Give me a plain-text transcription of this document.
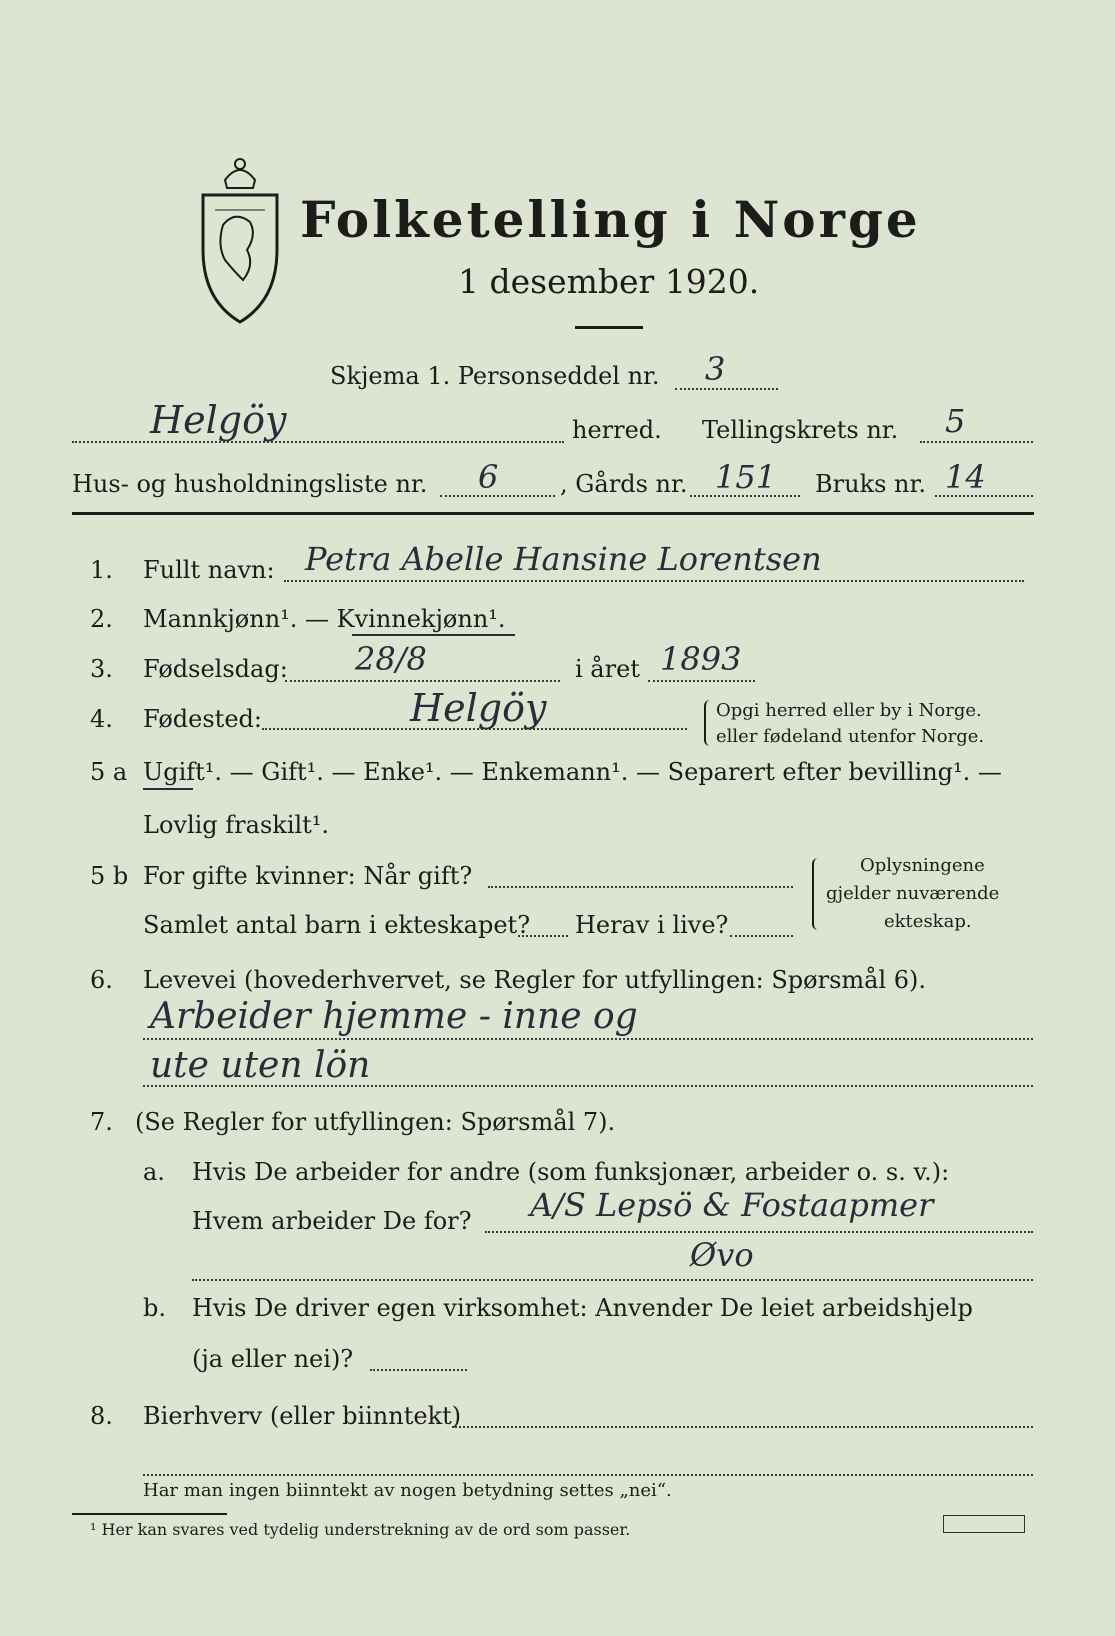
Folketelling i Norge
1 desember 1920.
Skjema 1. Personseddel nr. 3
Helgöy	herred. Tellingskrets nr. 5
Hus- og husholdningsliste nr. 6	, Gårds nr. 151 Bruks nr. 14
1. Fullt navn: Petra Abelle Hansine Lorentsen
2. Mannkjønn¹. — Kvinnekjønn¹.
3. Fødselsdag: 28/8	i året 1893
4. Fødested:	Helgöy	Opgi herred eller by i Norge.
eller fødeland utenfor Norge.
5 a Ugift¹. — Gift¹. — Enke¹. — Enkemann¹. — Separert efter bevilling¹. —
Lovlig fraskilt¹.
5 b For gifte kvinner: Når gift?
Samlet antal barn i ekteskapet? Herav i live?
Oplysningene
gjelder nuværende
ekteskap.
6. Levevei (hovederhvervet, se Regler for utfyllingen: Spørsmål 6).
Arbeider hjemme - inne og
ute uten lön
7. (Se Regler for utfyllingen: Spørsmål 7).
a. Hvis De arbeider for andre (som funksjonær, arbeider o. s. v.):
Hvem arbeider De for? A/S Lepsö & Fostaapmer
Øvo
b. Hvis De driver egen virksomhet: Anvender De leiet arbeidshjelp
(ja eller nei)?
8. Bierhverv (eller biinntekt)
Har man ingen biinntekt av nogen betydning settes „nei“.
¹ Her kan svares ved tydelig understrekning av de ord som passer.
